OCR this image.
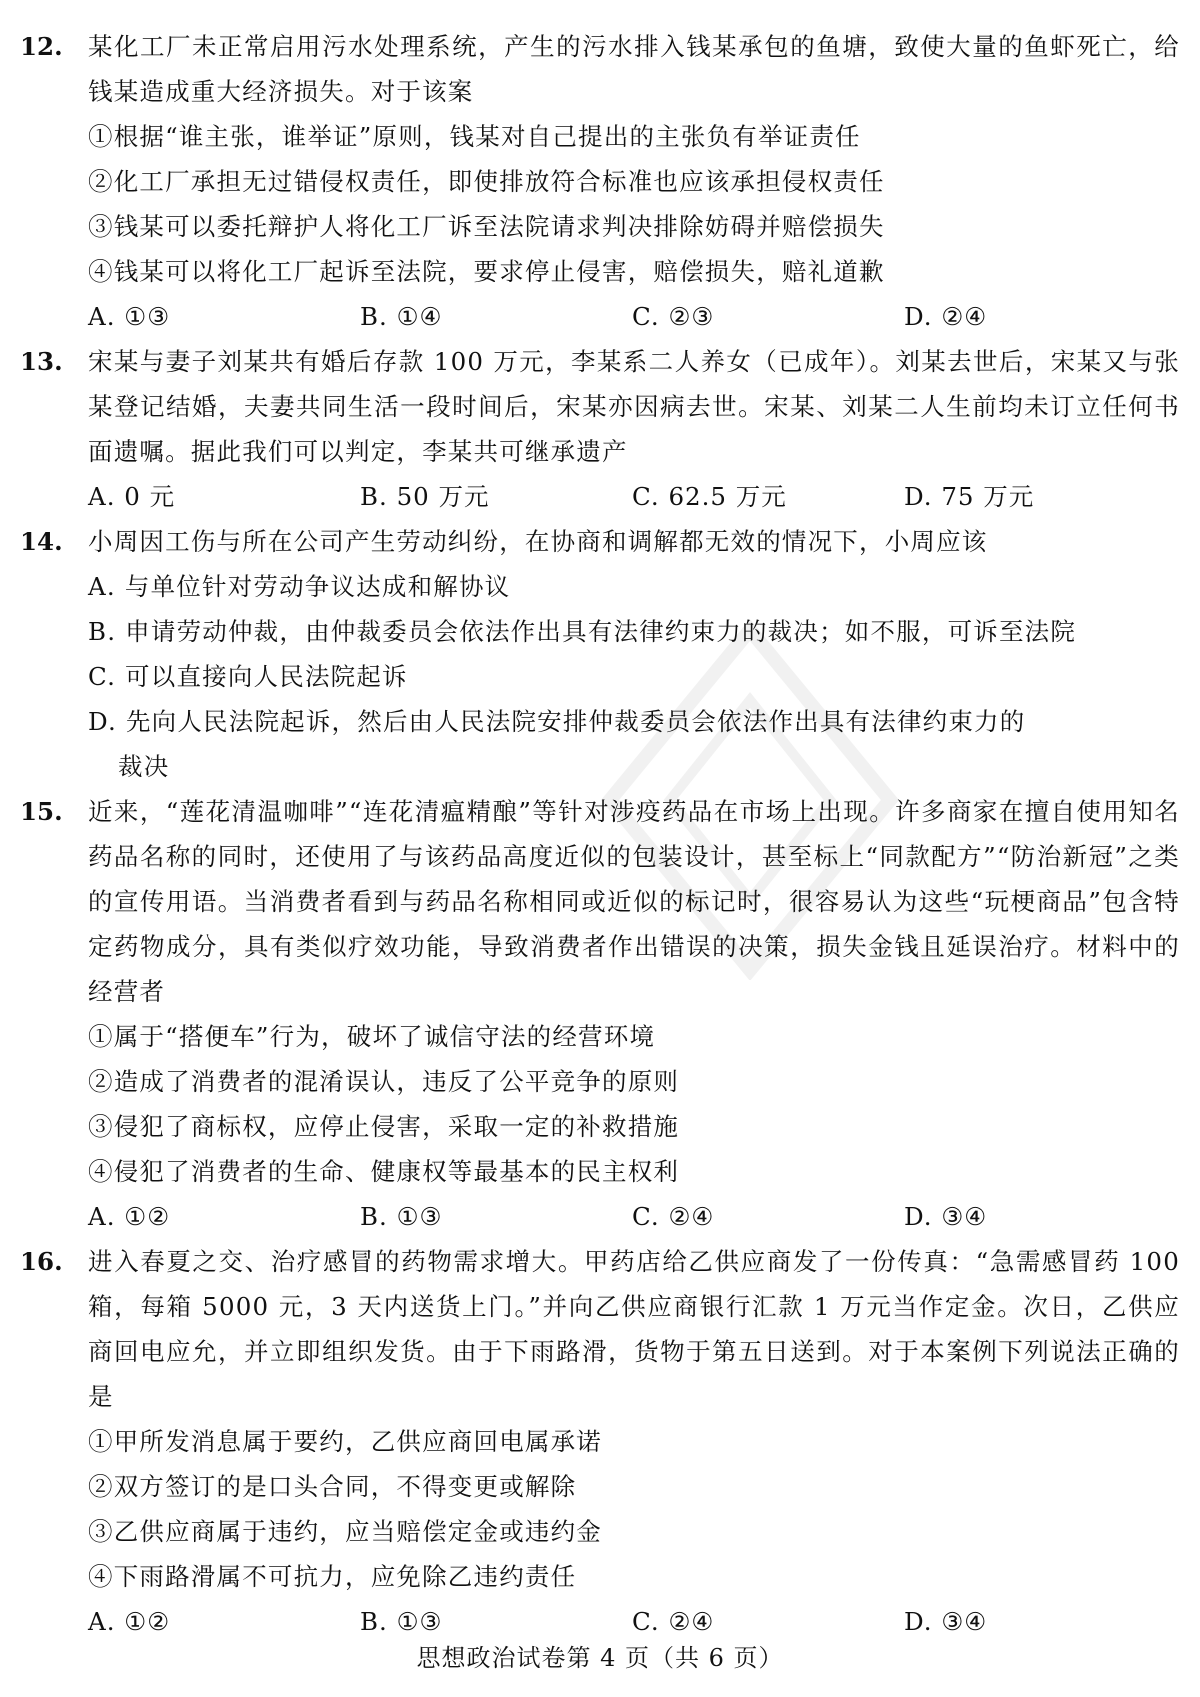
12. 某化工厂未正常启用污水处理系统，产生的污水排入钱某承包的鱼塘，致使大量的鱼虾死亡，给钱某造成重大经济损失。对于该案
①根据“谁主张，谁举证”原则，钱某对自己提出的主张负有举证责任
②化工厂承担无过错侵权责任，即使排放符合标准也应该承担侵权责任
③钱某可以委托辩护人将化工厂诉至法院请求判决排除妨碍并赔偿损失
④钱某可以将化工厂起诉至法院，要求停止侵害，赔偿损失，赔礼道歉
A. ①③	B. ①④	C. ②③	D. ②④
13. 宋某与妻子刘某共有婚后存款 100 万元，李某系二人养女（已成年）。刘某去世后，宋某又与张某登记结婚，夫妻共同生活一段时间后，宋某亦因病去世。宋某、刘某二人生前均未订立任何书面遗嘱。据此我们可以判定，李某共可继承遗产
A. 0 元	B. 50 万元	C. 62.5 万元	D. 75 万元
14. 小周因工伤与所在公司产生劳动纠纷，在协商和调解都无效的情况下，小周应该
A. 与单位针对劳动争议达成和解协议
B. 申请劳动仲裁，由仲裁委员会依法作出具有法律约束力的裁决；如不服，可诉至法院
C. 可以直接向人民法院起诉
D. 先向人民法院起诉，然后由人民法院安排仲裁委员会依法作出具有法律约束力的
裁决
15. 近来，“莲花清温咖啡”“连花清瘟精酿”等针对涉疫药品在市场上出现。许多商家在擅自使用知名药品名称的同时，还使用了与该药品高度近似的包装设计，甚至标上“同款配方”“防治新冠”之类的宣传用语。当消费者看到与药品名称相同或近似的标记时，很容易认为这些“玩梗商品”包含特定药物成分，具有类似疗效功能，导致消费者作出错误的决策，损失金钱且延误治疗。材料中的经营者
①属于“搭便车”行为，破坏了诚信守法的经营环境
②造成了消费者的混淆误认，违反了公平竞争的原则
③侵犯了商标权，应停止侵害，采取一定的补救措施
④侵犯了消费者的生命、健康权等最基本的民主权利
A. ①②	B. ①③	C. ②④	D. ③④
16. 进入春夏之交、治疗感冒的药物需求增大。甲药店给乙供应商发了一份传真：“急需感冒药 100 箱，每箱 5000 元，3 天内送货上门。”并向乙供应商银行汇款 1 万元当作定金。次日，乙供应商回电应允，并立即组织发货。由于下雨路滑，货物于第五日送到。对于本案例下列说法正确的是
①甲所发消息属于要约，乙供应商回电属承诺
②双方签订的是口头合同，不得变更或解除
③乙供应商属于违约，应当赔偿定金或违约金
④下雨路滑属不可抗力，应免除乙违约责任
A. ①②	B. ①③	C. ②④	D. ③④
思想政治试卷第 4 页（共 6 页）
